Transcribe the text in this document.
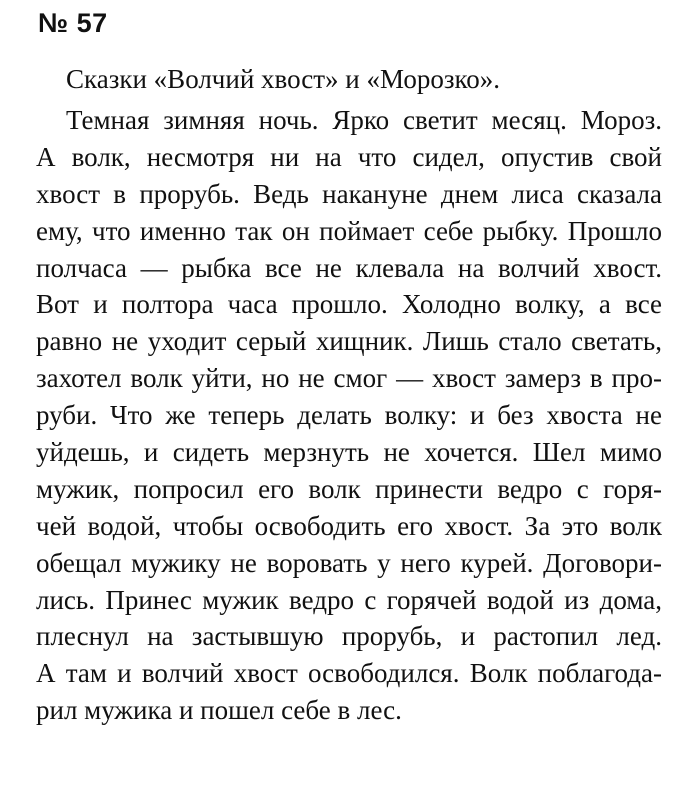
№ 57
Сказки «Волчий хвост» и «Морозко».
Темная зимняя ночь. Ярко светит месяц. Мороз.
А волк, несмотря ни на что сидел, опустив свой
хвост в прорубь. Ведь накануне днем лиса сказала
ему, что именно так он поймает себе рыбку. Прошло
полчаса — рыбка все не клевала на волчий хвост.
Вот и полтора часа прошло. Холодно волку, а все
равно не уходит серый хищник. Лишь стало светать,
захотел волк уйти, но не смог — хвост замерз в про-
руби. Что же теперь делать волку: и без хвоста не
уйдешь, и сидеть мерзнуть не хочется. Шел мимо
мужик, попросил его волк принести ведро с горя-
чей водой, чтобы освободить его хвост. За это волк
обещал мужику не воровать у него курей. Договори-
лись. Принес мужик ведро с горячей водой из дома,
плеснул на застывшую прорубь, и растопил лед.
А там и волчий хвост освободился. Волк поблагода-
рил мужика и пошел себе в лес.
